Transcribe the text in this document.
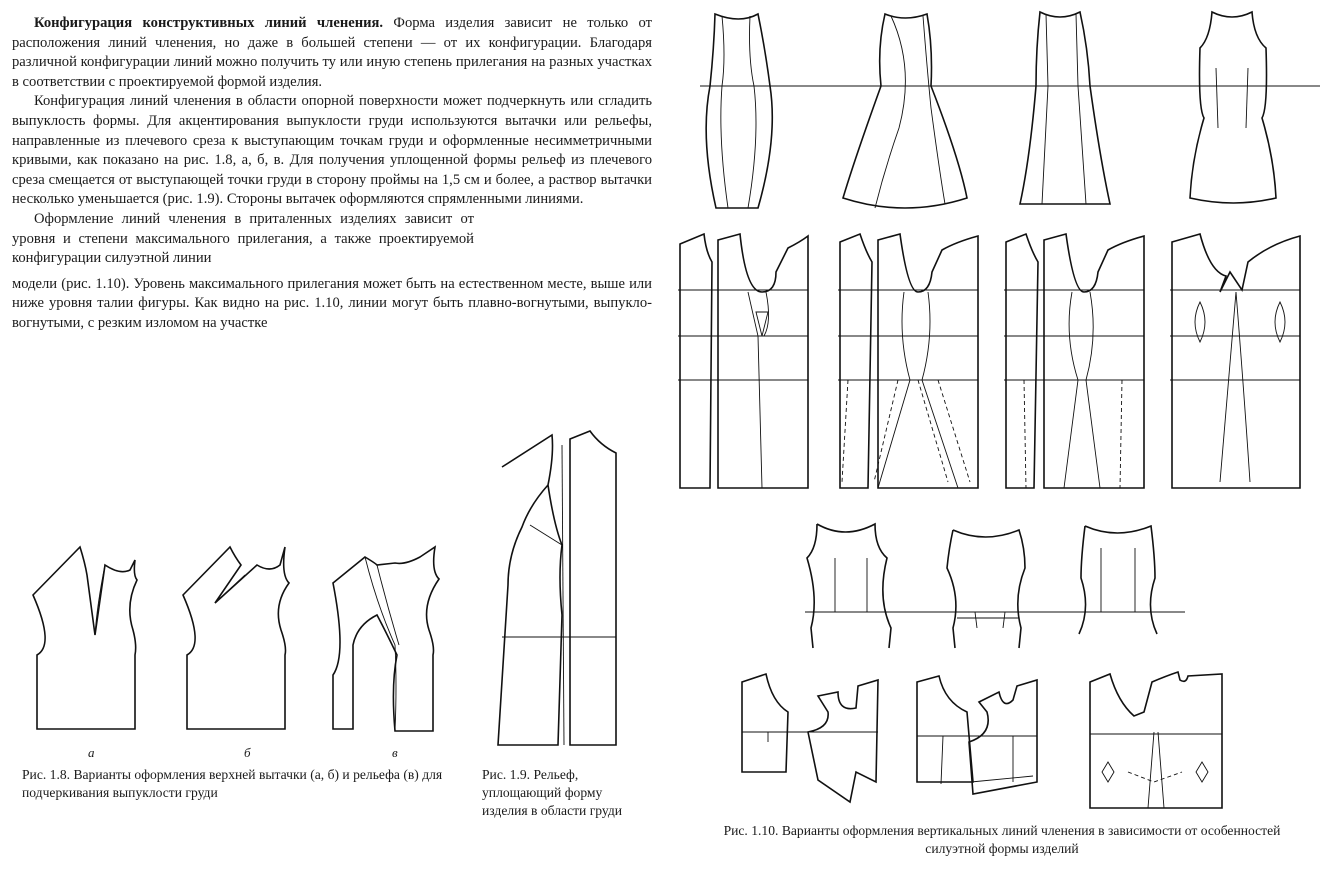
Конфигурация конструктивных линий членения. Форма изделия зависит не только от расположения линий членения, но даже в большей степени — от их конфигурации. Благодаря различной конфигурации линий можно получить ту или иную степень прилегания на разных участках в соответствии с проектируемой формой изделия.

Конфигурация линий членения в области опорной поверхности может подчеркнуть или сгладить выпуклость формы. Для акцентирования выпуклости груди используются вытачки или рельефы, направленные из плечевого среза к выступающим точкам груди и оформленные несимметричными кривыми, как показано на рис. 1.8, а, б, в. Для получения уплощенной формы рельеф из плечевого среза смещается от выступающей точки груди в сторону проймы на 1,5 см и более, а раствор вытачки несколько уменьшается (рис. 1.9). Стороны вытачек оформляются спрямленными линиями.

Оформление линий членения в приталенных изделиях зависит от уровня и степени максимального прилегания, а также проектируемой конфигурации силуэтной линии

модели (рис. 1.10). Уровень максимального прилегания может быть на естественном месте, выше или ниже уровня талии фигуры. Как видно на рис. 1.10, линии могут быть плавно-вогнутыми, выпукло-вогнутыми, с резким изломом на участке

а	б	в
Рис. 1.8. Варианты оформления верхней вытачки (а, б) и рельефа (в) для подчеркивания выпуклости груди
Рис. 1.9. Рельеф, уплощающий форму изделия в области груди
Рис. 1.10. Варианты оформления вертикальных линий членения в зависимости от особенностей силуэтной формы изделий
